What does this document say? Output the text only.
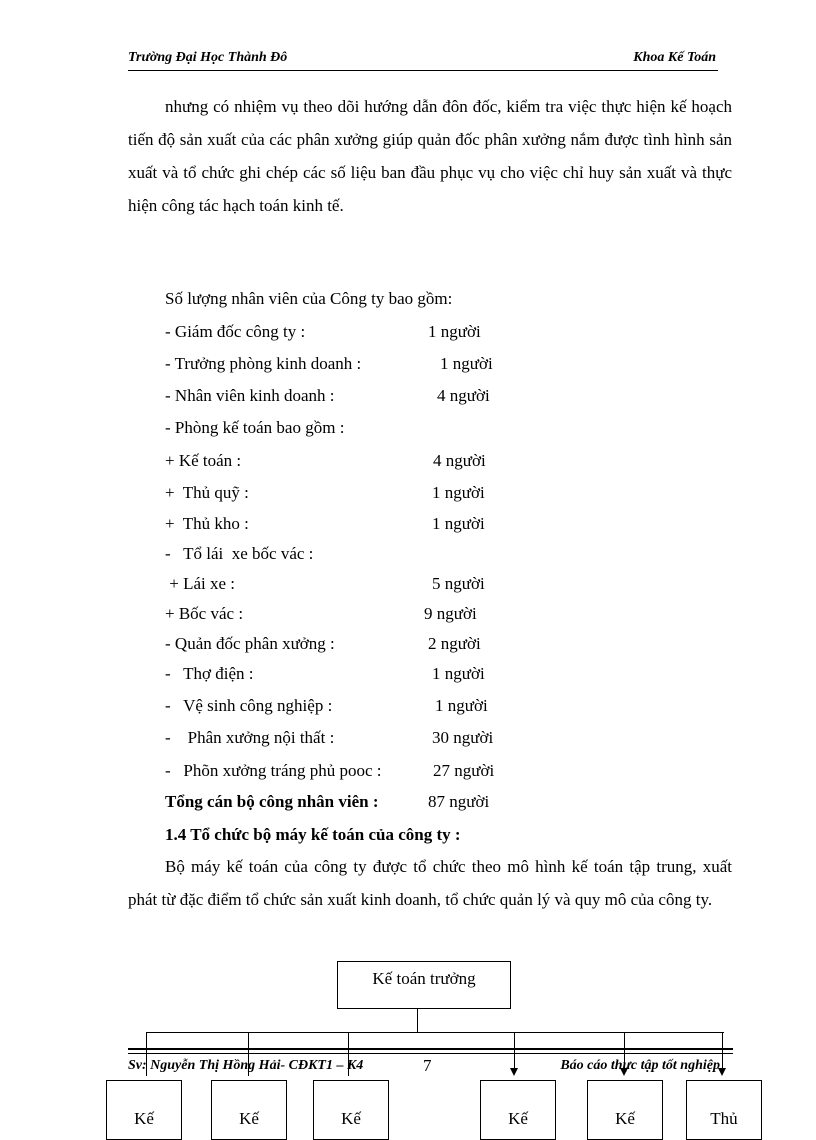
Trường Đại Học Thành Đô	Khoa Kế Toán
nhưng có nhiệm vụ theo dõi hướng dẫn đôn đốc, kiểm tra việc thực hiện kế hoạch tiến độ sản xuất của các phân xưởng giúp quản đốc phân xưởng nắm được tình hình sản xuất và tổ chức ghi chép các số liệu ban đầu phục vụ cho việc chỉ huy sản xuất và thực hiện công tác hạch toán kinh tế.
Số lượng nhân viên của Công ty bao gồm:
- Giám đốc công ty :	1 người
- Trưởng phòng kinh doanh :	1 người
- Nhân viên kinh doanh :	4 người
- Phòng kế toán bao gồm :
+ Kế toán :	4 người
+  Thủ quỹ :	1 người
+  Thủ kho :	1 người
-   Tổ lái  xe bốc vác :
+ Lái xe :	5 người
+ Bốc vác :	9 người
- Quản đốc phân xưởng :	2 người
-   Thợ điện :	1 người
-   Vệ sinh công nghiệp :	1 người
-    Phân xưởng nội thất :	30 người
-   Phõn xưởng tráng phủ pooc :	27 người
Tổng cán bộ công nhân viên :	87 người
1.4 Tổ chức bộ máy kế toán của công ty :
Bộ máy kế toán của công ty được tổ chức theo mô hình kế toán tập trung, xuất phát từ đặc điểm tổ chức sản xuất kinh doanh, tổ chức quản lý và quy mô của công ty.
Kế toán trưởng
Kế	Kế	Kế	Kế	Kế	Thủ
Sv: Nguyễn Thị Hồng Hải- CĐKT1 – K4	7	Báo cáo thực tập tốt nghiệp
